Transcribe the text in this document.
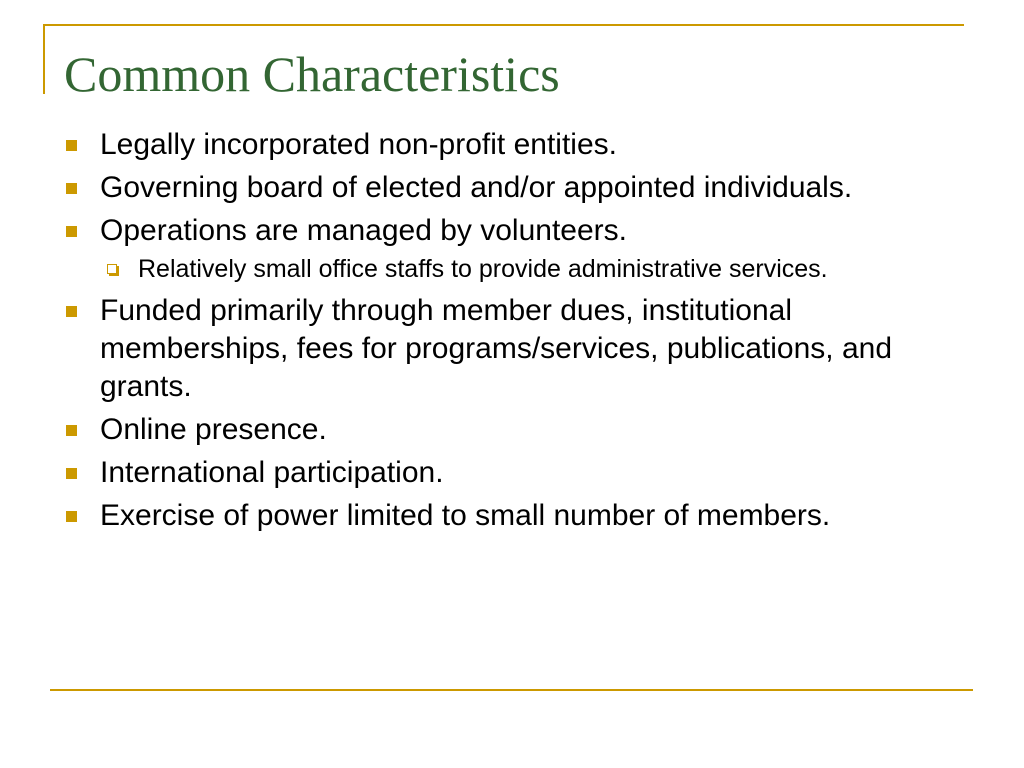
Common Characteristics
Legally incorporated non-profit entities.
Governing board of elected and/or appointed individuals.
Operations are managed by volunteers.
Relatively small office staffs to provide administrative services.
Funded primarily through member dues, institutional memberships, fees for programs/services, publications, and grants.
Online presence.
International participation.
Exercise of power limited to small number of members.
